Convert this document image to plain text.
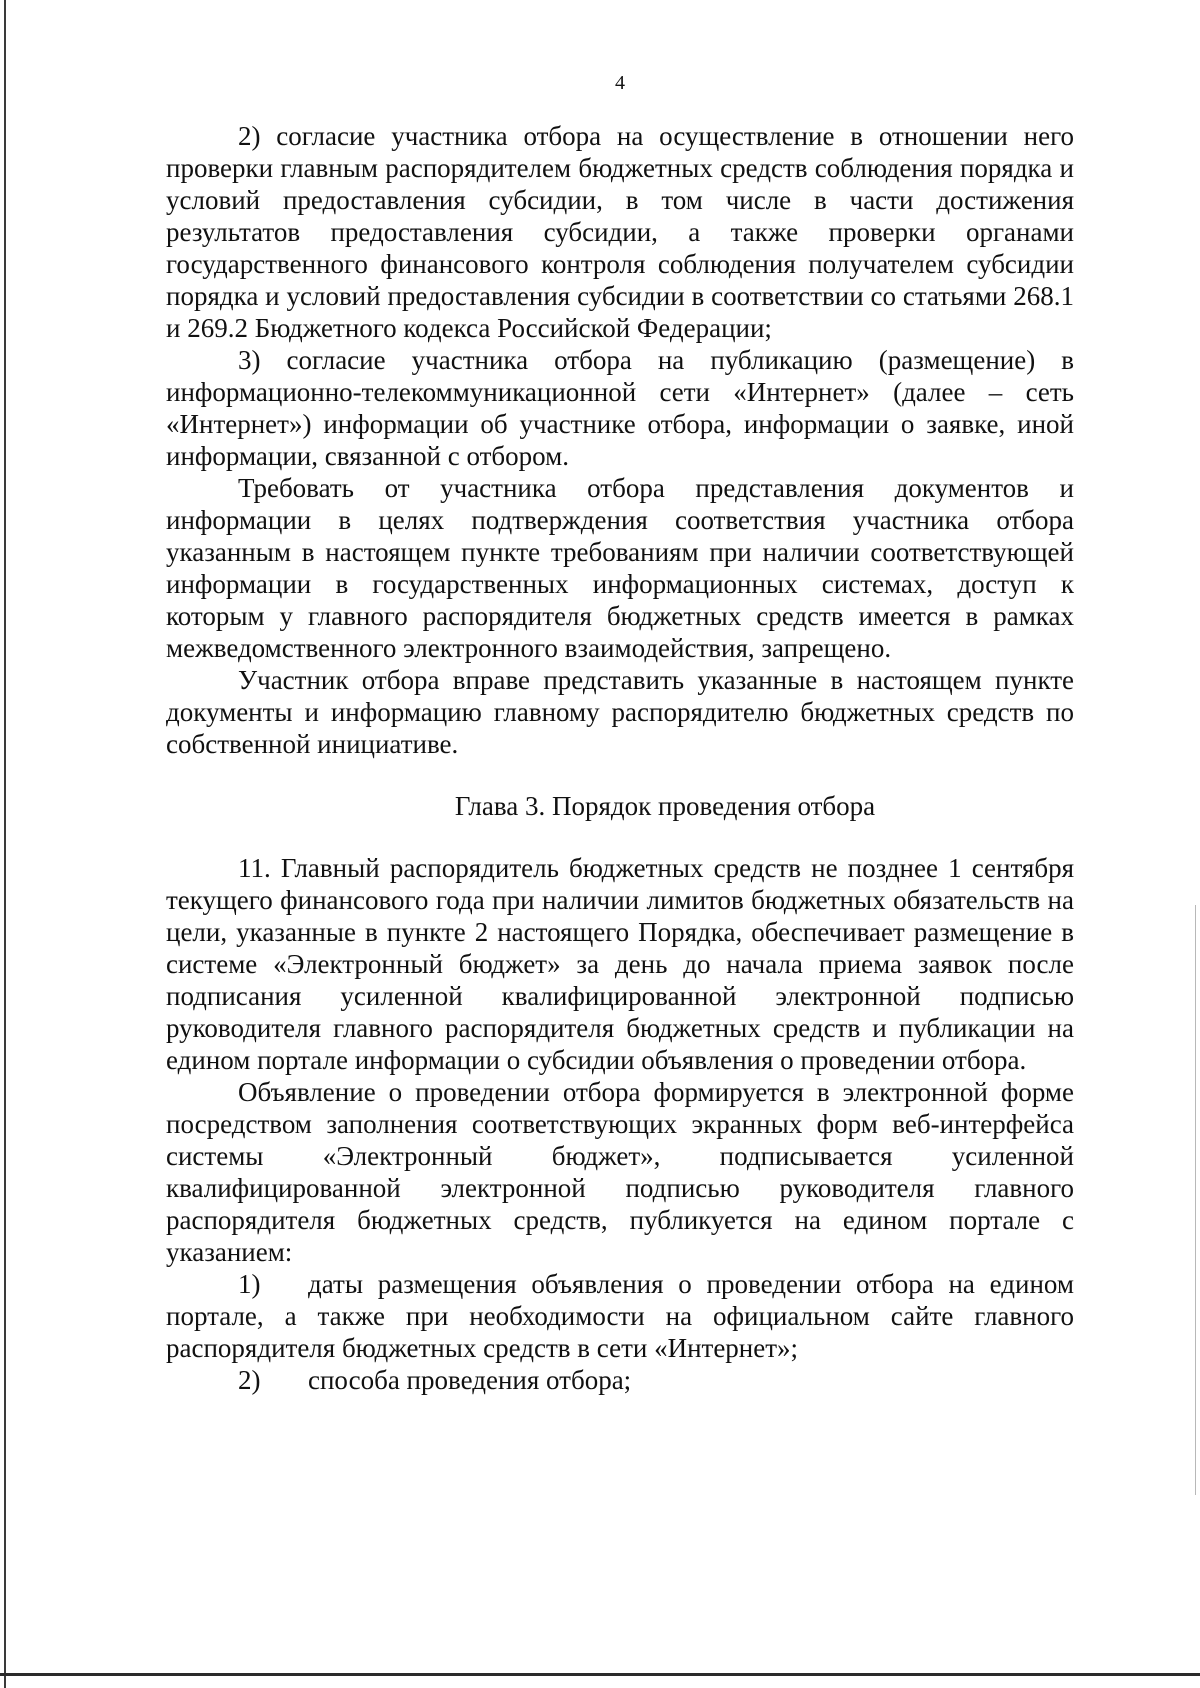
4

2) согласие участника отбора на осуществление в отношении него проверки главным распорядителем бюджетных средств соблюдения порядка и условий предоставления субсидии, в том числе в части достижения результатов предоставления субсидии, а также проверки органами государственного финансового контроля соблюдения получателем субсидии порядка и условий предоставления субсидии в соответствии со статьями 268.1 и 269.2 Бюджетного кодекса Российской Федерации;

3) согласие участника отбора на публикацию (размещение) в информационно-телекоммуникационной сети «Интернет» (далее – сеть «Интернет») информации об участнике отбора, информации о заявке, иной информации, связанной с отбором.

Требовать от участника отбора представления документов и информации в целях подтверждения соответствия участника отбора указанным в настоящем пункте требованиям при наличии соответствующей информации в государственных информационных системах, доступ к которым у главного распорядителя бюджетных средств имеется в рамках межведомственного электронного взаимодействия, запрещено.

Участник отбора вправе представить указанные в настоящем пункте документы и информацию главному распорядителю бюджетных средств по собственной инициативе.

Глава 3. Порядок проведения отбора

11. Главный распорядитель бюджетных средств не позднее 1 сентября текущего финансового года при наличии лимитов бюджетных обязательств на цели, указанные в пункте 2 настоящего Порядка, обеспечивает размещение в системе «Электронный бюджет» за день до начала приема заявок после подписания усиленной квалифицированной электронной подписью руководителя главного распорядителя бюджетных средств и публикации на едином портале информации о субсидии объявления о проведении отбора.

Объявление о проведении отбора формируется в электронной форме посредством заполнения соответствующих экранных форм веб-интерфейса системы «Электронный бюджет», подписывается усиленной квалифицированной электронной подписью руководителя главного распорядителя бюджетных средств, публикуется на едином портале с указанием:

1) даты размещения объявления о проведении отбора на едином портале, а также при необходимости на официальном сайте главного распорядителя бюджетных средств в сети «Интернет»;

2) способа проведения отбора;
